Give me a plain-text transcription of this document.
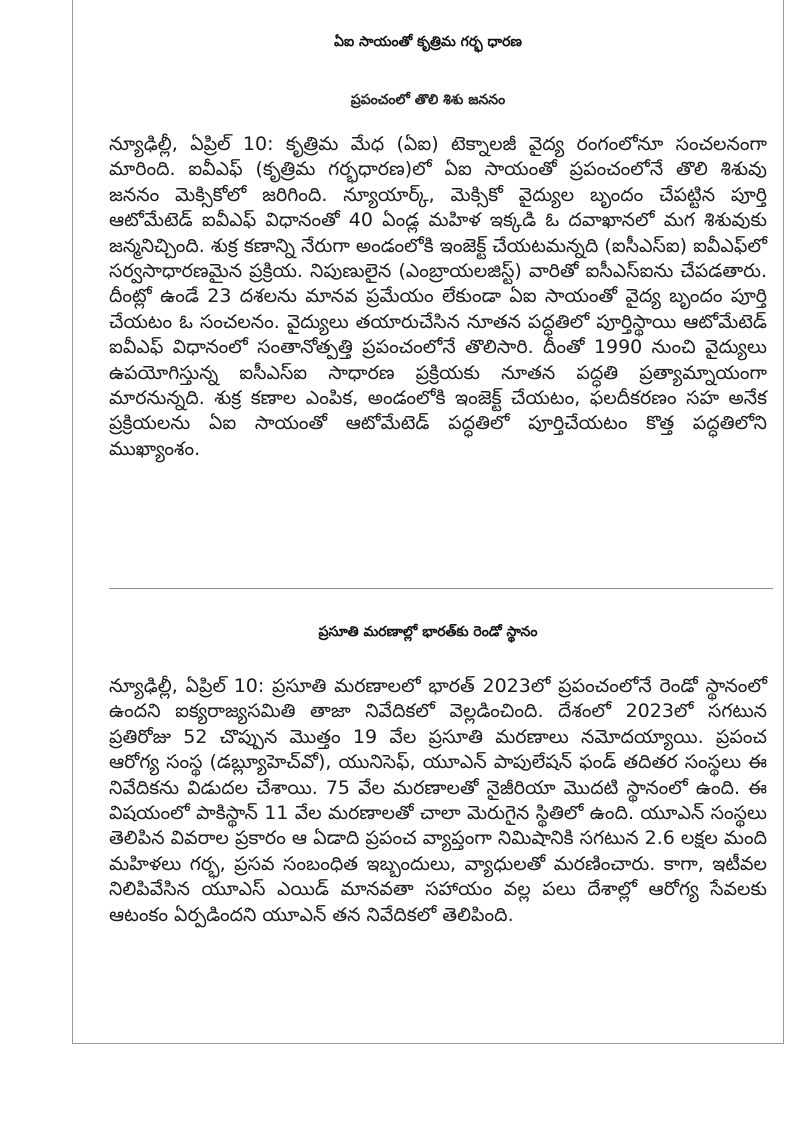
ఏఐ సాయంతో కృత్రిమ గర్భ ధారణ
ప్రపంచంలో తొలి శిశు జననం

న్యూఢిల్లీ, ఏప్రిల్ 10: కృత్రిమ మేధ (ఏఐ) టెక్నాలజీ వైద్య రంగంలోనూ సంచలనంగా మారింది. ఐవీఎఫ్ (కృత్రిమ గర్భధారణ)లో ఏఐ సాయంతో ప్రపంచంలోనే తొలి శిశువు జననం మెక్సికోలో జరిగింది. న్యూయార్క్, మెక్సికో వైద్యుల బృందం చేపట్టిన పూర్తి ఆటోమేటెడ్ ఐవీఎఫ్ విధానంతో 40 ఏండ్ల మహిళ ఇక్కడి ఓ దవాఖానలో మగ శిశువుకు జన్మనిచ్చింది. శుక్ర కణాన్ని నేరుగా అండంలోకి ఇంజెక్ట్ చేయటమన్నది (ఐసీఎస్ఐ) ఐవీఎఫ్‌లో సర్వసాధారణమైన ప్రక్రియ. నిపుణులైన (ఎంబ్రాయలజిస్ట్) వారితో ఐసీఎస్ఐను చేపడతారు. దీంట్లో ఉండే 23 దశలను మానవ ప్రమేయం లేకుండా ఏఐ సాయంతో వైద్య బృందం పూర్తి చేయటం ఓ సంచలనం. వైద్యులు తయారుచేసిన నూతన పద్ధతిలో పూర్తిస్థాయి ఆటోమేటెడ్ ఐవీఎఫ్ విధానంలో సంతానోత్పత్తి ప్రపంచంలోనే తొలిసారి. దీంతో 1990 నుంచి వైద్యులు ఉపయోగిస్తున్న ఐసీఎస్ఐ సాధారణ ప్రక్రియకు నూతన పద్ధతి ప్రత్యామ్నాయంగా మారనున్నది. శుక్ర కణాల ఎంపిక, అండంలోకి ఇంజెక్ట్ చేయటం, ఫలదీకరణం సహ అనేక ప్రక్రియలను ఏఐ సాయంతో ఆటోమేటెడ్ పద్ధతిలో పూర్తిచేయటం కొత్త పద్ధతిలోని ముఖ్యాంశం.

ప్రసూతి మరణాల్లో భారత్‌కు రెండో స్థానం

న్యూఢిల్లీ, ఏప్రిల్ 10: ప్రసూతి మరణాలలో భారత్ 2023లో ప్రపంచంలోనే రెండో స్థానంలో ఉందని ఐక్యరాజ్యసమితి తాజా నివేదికలో వెల్లడించింది. దేశంలో 2023లో సగటున ప్రతిరోజు 52 చొప్పున మొత్తం 19 వేల ప్రసూతి మరణాలు నమోదయ్యాయి. ప్రపంచ ఆరోగ్య సంస్థ (డబ్ల్యూహెచ్‌వో), యునిసెఫ్, యూఎన్ పాపులేషన్ ఫండ్ తదితర సంస్థలు ఈ నివేదికను విడుదల చేశాయి. 75 వేల మరణాలతో నైజీరియా మొదటి స్థానంలో ఉంది. ఈ విషయంలో పాకిస్థాన్ 11 వేల మరణాలతో చాలా మెరుగైన స్థితిలో ఉంది. యూఎన్ సంస్థలు తెలిపిన వివరాల ప్రకారం ఆ ఏడాది ప్రపంచ వ్యాప్తంగా నిమిషానికి సగటున 2.6 లక్షల మంది మహిళలు గర్భ, ప్రసవ సంబంధిత ఇబ్బందులు, వ్యాధులతో మరణించారు. కాగా, ఇటీవల నిలిపివేసిన యూఎస్ ఎయిడ్ మానవతా సహాయం వల్ల పలు దేశాల్లో ఆరోగ్య సేవలకు ఆటంకం ఏర్పడిందని యూఎన్ తన నివేదికలో తెలిపింది.
